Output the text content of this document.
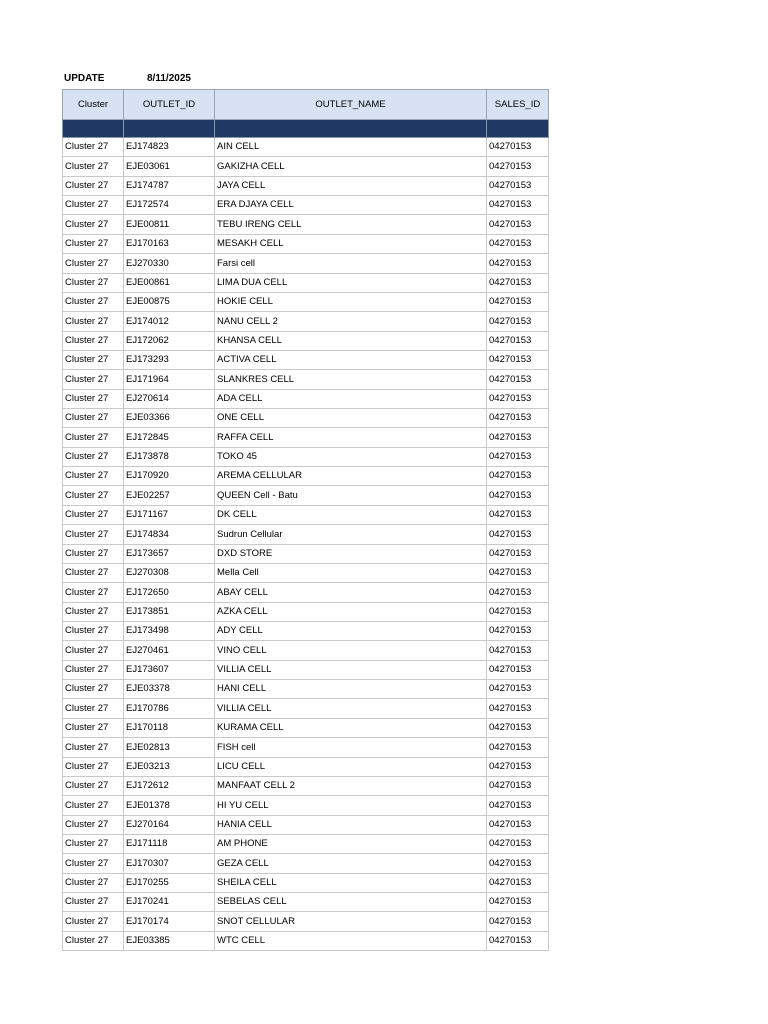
UPDATE	8/11/2025
Cluster	OUTLET_ID	OUTLET_NAME	SALES_ID

Cluster 27	EJ174823	AIN CELL	04270153
Cluster 27	EJE03061	GAKIZHA CELL	04270153
Cluster 27	EJ174787	JAYA CELL	04270153
Cluster 27	EJ172574	ERA DJAYA CELL	04270153
Cluster 27	EJE00811	TEBU IRENG CELL	04270153
Cluster 27	EJ170163	MESAKH CELL	04270153
Cluster 27	EJ270330	Farsi cell	04270153
Cluster 27	EJE00861	LIMA DUA CELL	04270153
Cluster 27	EJE00875	HOKIE CELL	04270153
Cluster 27	EJ174012	NANU CELL 2	04270153
Cluster 27	EJ172062	KHANSA CELL	04270153
Cluster 27	EJ173293	ACTIVA CELL	04270153
Cluster 27	EJ171964	SLANKRES CELL	04270153
Cluster 27	EJ270614	ADA CELL	04270153
Cluster 27	EJE03366	ONE CELL	04270153
Cluster 27	EJ172845	RAFFA CELL	04270153
Cluster 27	EJ173878	TOKO 45	04270153
Cluster 27	EJ170920	AREMA CELLULAR	04270153
Cluster 27	EJE02257	QUEEN Cell - Batu	04270153
Cluster 27	EJ171167	DK CELL	04270153
Cluster 27	EJ174834	Sudrun Cellular	04270153
Cluster 27	EJ173657	DXD STORE	04270153
Cluster 27	EJ270308	Mella Cell	04270153
Cluster 27	EJ172650	ABAY CELL	04270153
Cluster 27	EJ173851	AZKA CELL	04270153
Cluster 27	EJ173498	ADY CELL	04270153
Cluster 27	EJ270461	VINO CELL	04270153
Cluster 27	EJ173607	VILLIA CELL	04270153
Cluster 27	EJE03378	HANI CELL	04270153
Cluster 27	EJ170786	VILLIA CELL	04270153
Cluster 27	EJ170118	KURAMA CELL	04270153
Cluster 27	EJE02813	FISH cell	04270153
Cluster 27	EJE03213	LICU CELL	04270153
Cluster 27	EJ172612	MANFAAT CELL 2	04270153
Cluster 27	EJE01378	HI YU CELL	04270153
Cluster 27	EJ270164	HANIA CELL	04270153
Cluster 27	EJ171118	AM PHONE	04270153
Cluster 27	EJ170307	GEZA CELL	04270153
Cluster 27	EJ170255	SHEILA CELL	04270153
Cluster 27	EJ170241	SEBELAS CELL	04270153
Cluster 27	EJ170174	SNOT CELLULAR	04270153
Cluster 27	EJE03385	WTC CELL	04270153
